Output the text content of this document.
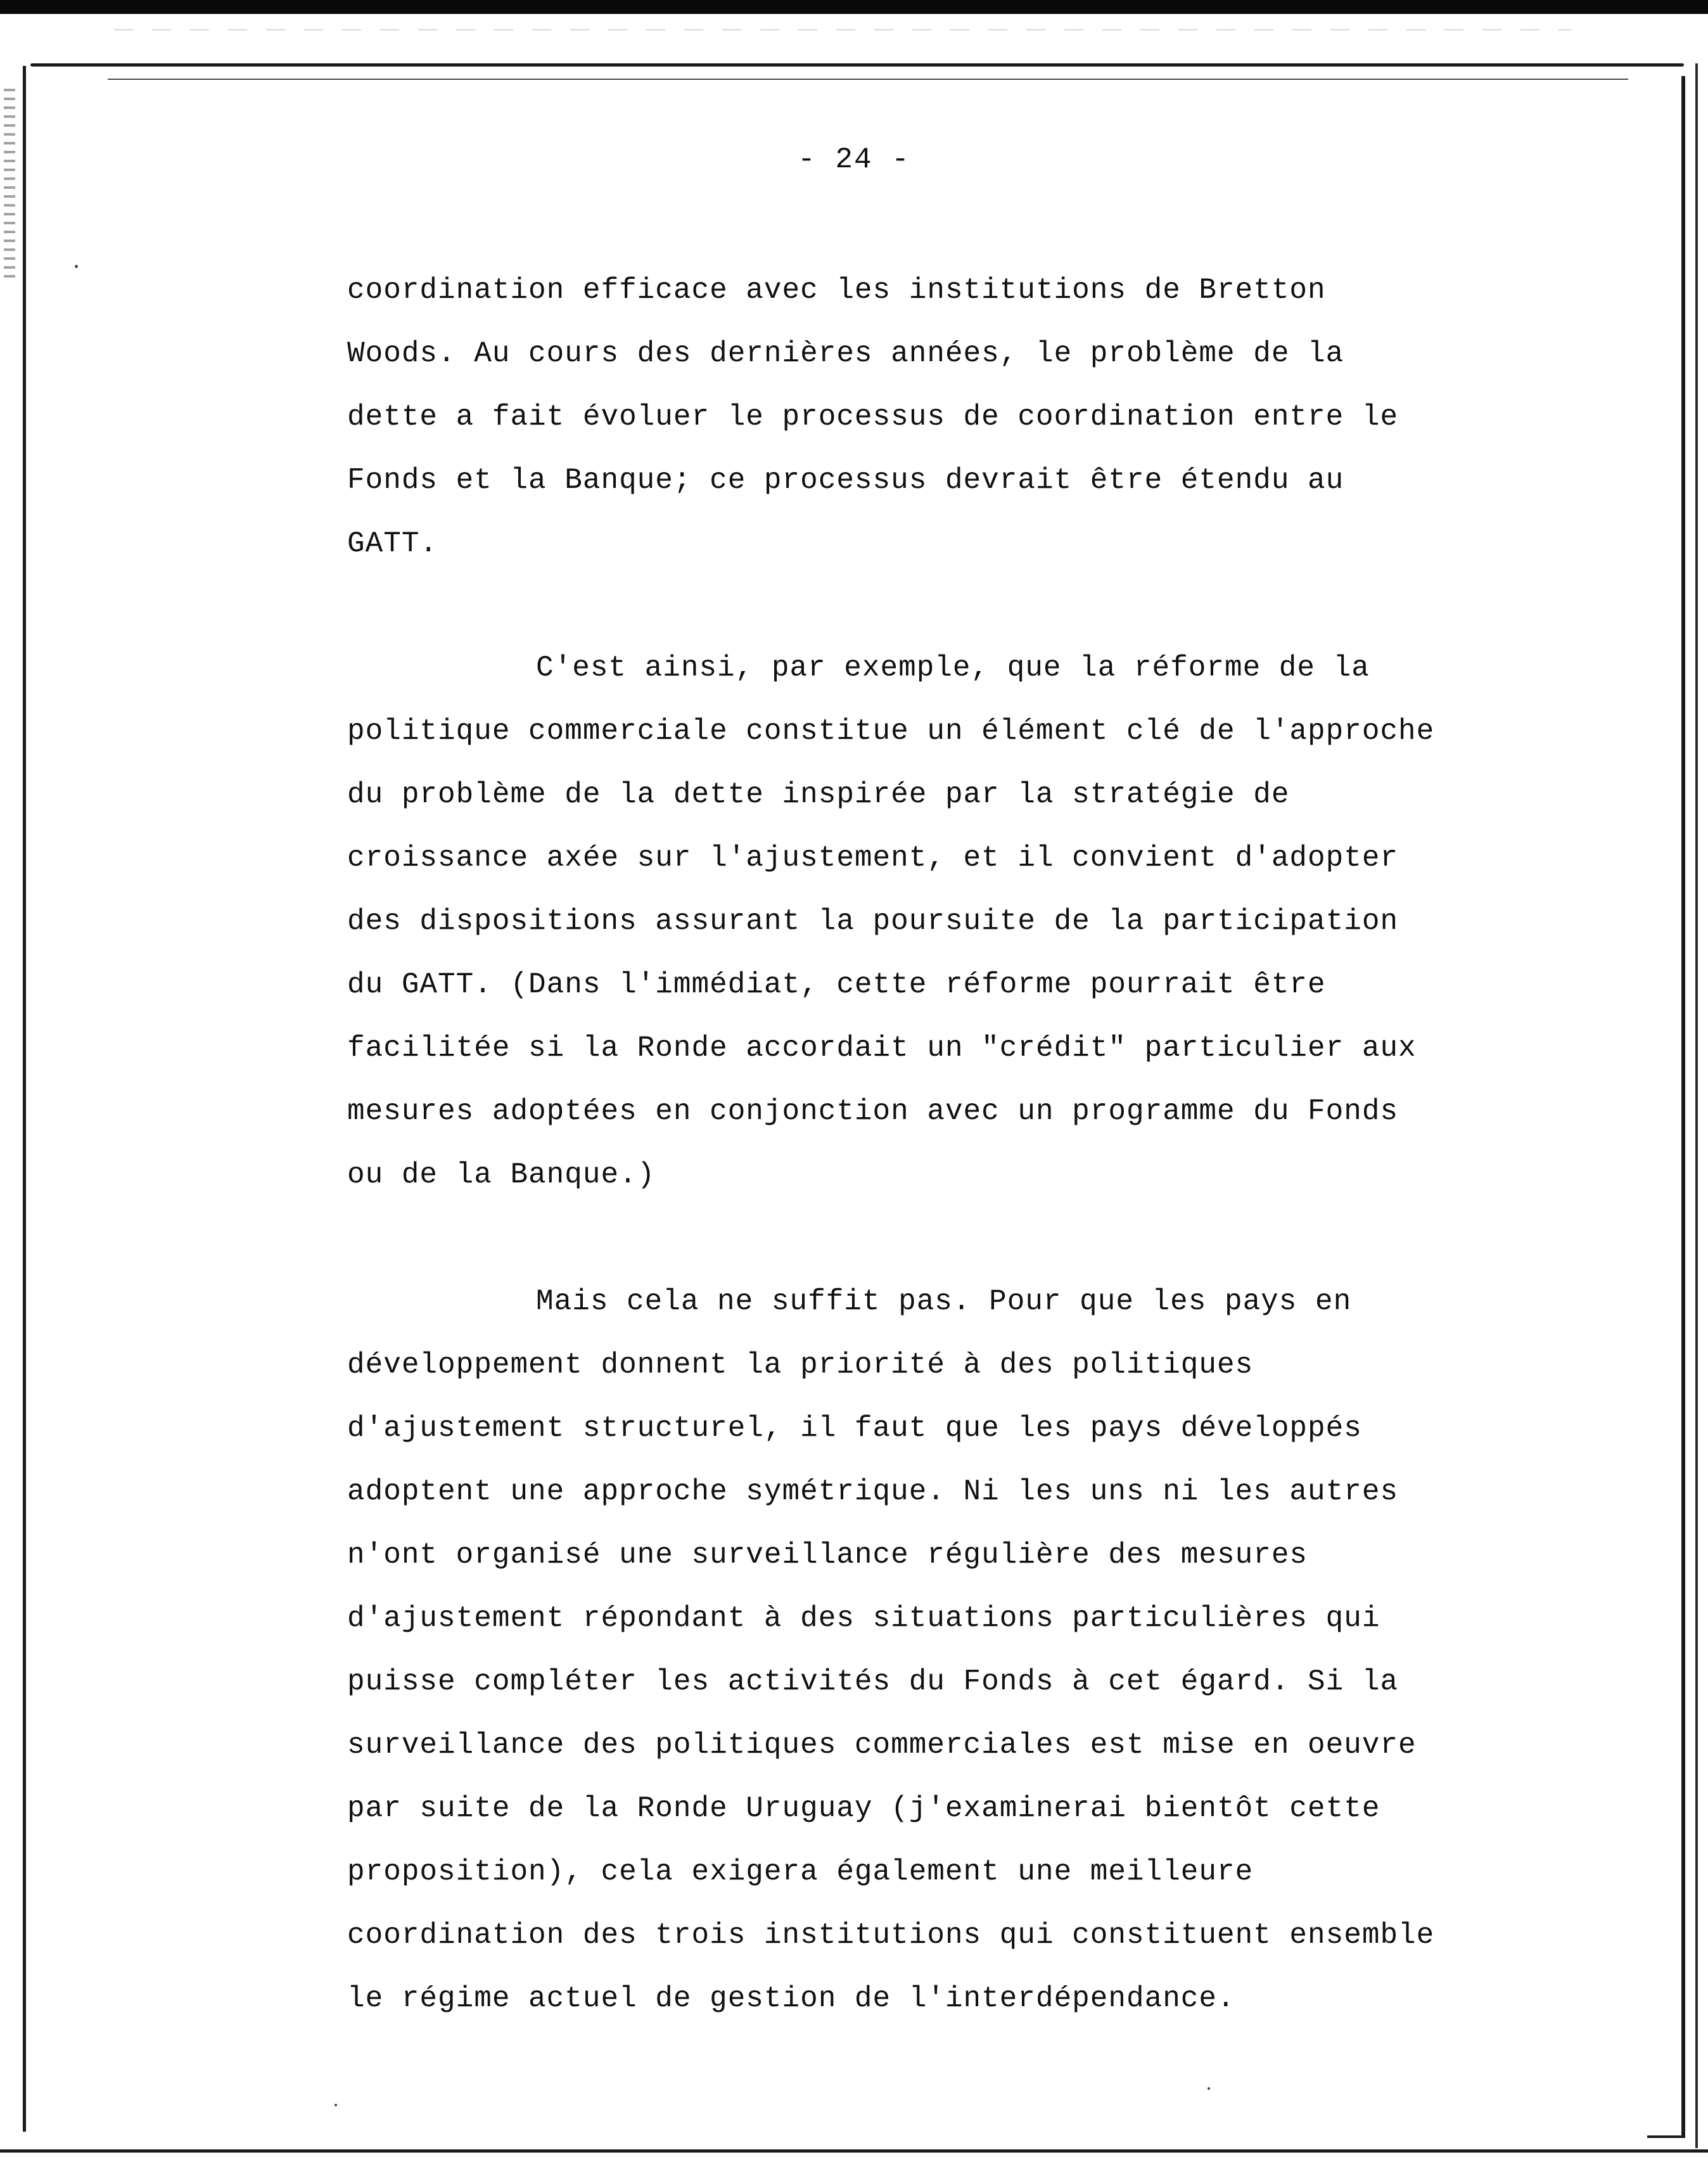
- 24 -
coordination efficace avec les institutions de Bretton
Woods. Au cours des dernières années, le problème de la
dette a fait évoluer le processus de coordination entre le
Fonds et la Banque; ce processus devrait être étendu au
GATT.
C'est ainsi, par exemple, que la réforme de la
politique commerciale constitue un élément clé de l'approche
du problème de la dette inspirée par la stratégie de
croissance axée sur l'ajustement, et il convient d'adopter
des dispositions assurant la poursuite de la participation
du GATT. (Dans l'immédiat, cette réforme pourrait être
facilitée si la Ronde accordait un "crédit" particulier aux
mesures adoptées en conjonction avec un programme du Fonds
ou de la Banque.)
Mais cela ne suffit pas. Pour que les pays en
développement donnent la priorité à des politiques
d'ajustement structurel, il faut que les pays développés
adoptent une approche symétrique. Ni les uns ni les autres
n'ont organisé une surveillance régulière des mesures
d'ajustement répondant à des situations particulières qui
puisse compléter les activités du Fonds à cet égard. Si la
surveillance des politiques commerciales est mise en oeuvre
par suite de la Ronde Uruguay (j'examinerai bientôt cette
proposition), cela exigera également une meilleure
coordination des trois institutions qui constituent ensemble
le régime actuel de gestion de l'interdépendance.
